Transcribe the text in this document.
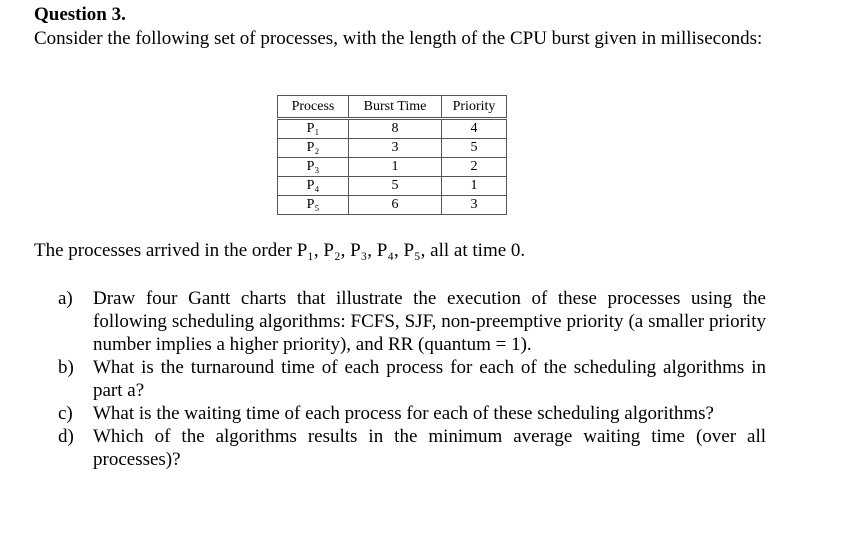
Question 3.
Consider the following set of processes, with the length of the CPU burst given in milliseconds:
Process	Burst Time	Priority
P₁	8	4
P₂	3	5
P₃	1	2
P₄	5	1
P₅	6	3
The processes arrived in the order P₁, P₂, P₃, P₄, P₅, all at time 0.
a) Draw four Gantt charts that illustrate the execution of these processes using the following scheduling algorithms: FCFS, SJF, non-preemptive priority (a smaller priority number implies a higher priority), and RR (quantum = 1).
b) What is the turnaround time of each process for each of the scheduling algorithms in part a?
c) What is the waiting time of each process for each of these scheduling algorithms?
d) Which of the algorithms results in the minimum average waiting time (over all processes)?
